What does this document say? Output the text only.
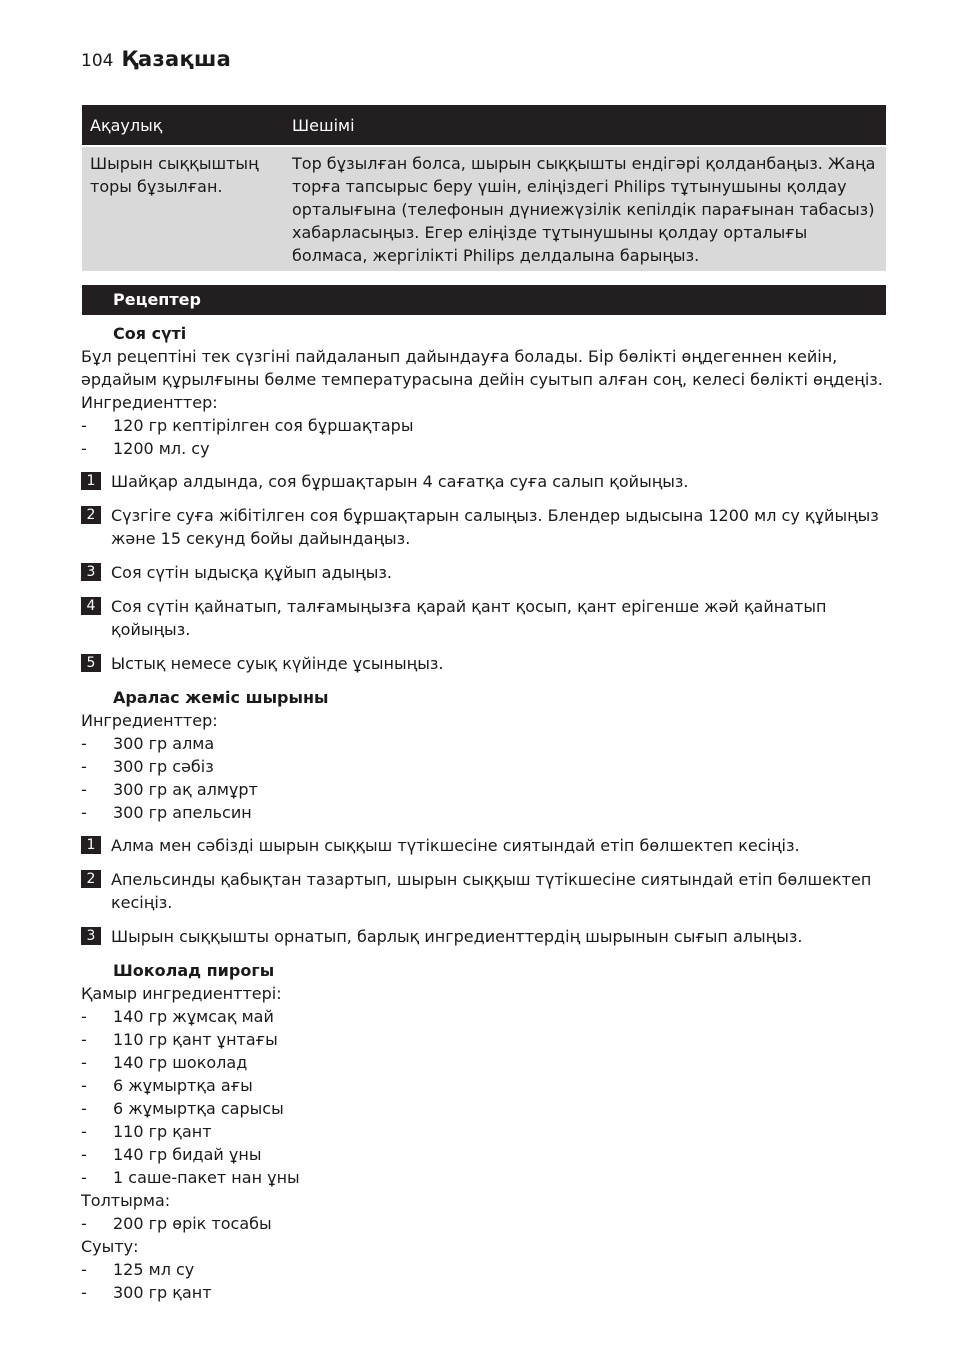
104 Қазақша
Ақаулық	Шешімі
Шырын сыққыштың торы бұзылған.	Тор бұзылған болса, шырын сыққышты ендігәрі қолданбаңыз. Жаңа торға тапсырыс беру үшін, еліңіздегі Philips тұтынушыны қолдау орталығына (телефонын дүниежүзілік кепілдік парағынан табасыз) хабарласыңыз. Егер еліңізде тұтынушыны қолдау орталығы болмаса, жергілікті Philips делдалына барыңыз.
Рецептер
Соя сүті
Бұл рецептіні тек сүзгіні пайдаланып дайындауға болады. Бір бөлікті өңдегеннен кейін, әрдайым құрылғыны бөлме температурасына дейін суытып алған соң, келесі бөлікті өңдеңіз.
Ингредиенттер:
-	120 гр кептірілген соя бұршақтары
-	1200 мл. су
1 Шайқар алдында, соя бұршақтарын 4 сағатқа суға салып қойыңыз.
2 Сүзгіге суға жібітілген соя бұршақтарын салыңыз. Блендер ыдысына 1200 мл су құйыңыз және 15 секунд бойы дайындаңыз.
3 Соя сүтін ыдысқа құйып адыңыз.
4 Соя сүтін қайнатып, талғамыңызға қарай қант қосып, қант ерігенше жәй қайнатып қойыңыз.
5 Ыстық немесе суық күйінде ұсыныңыз.
Аралас жеміс шырыны
Ингредиенттер:
-	300 гр алма
-	300 гр сәбіз
-	300 гр ақ алмұрт
-	300 гр апельсин
1 Алма мен сәбізді шырын сыққыш түтікшесіне сиятындай етіп бөлшектеп кесіңіз.
2 Апельсинды қабықтан тазартып, шырын сыққыш түтікшесіне сиятындай етіп бөлшектеп кесіңіз.
3 Шырын сыққышты орнатып, барлық ингредиенттердің шырынын сығып алыңыз.
Шоколад пирогы
Қамыр ингредиенттері:
-	140 гр жұмсақ май
-	110 гр қант ұнтағы
-	140 гр шоколад
-	6 жұмыртқа ағы
-	6 жұмыртқа сарысы
-	110 гр қант
-	140 гр бидай ұны
-	1 саше-пакет нан ұны
Толтырма:
-	200 гр өрік тосабы
Суыту:
-	125 мл су
-	300 гр қант
